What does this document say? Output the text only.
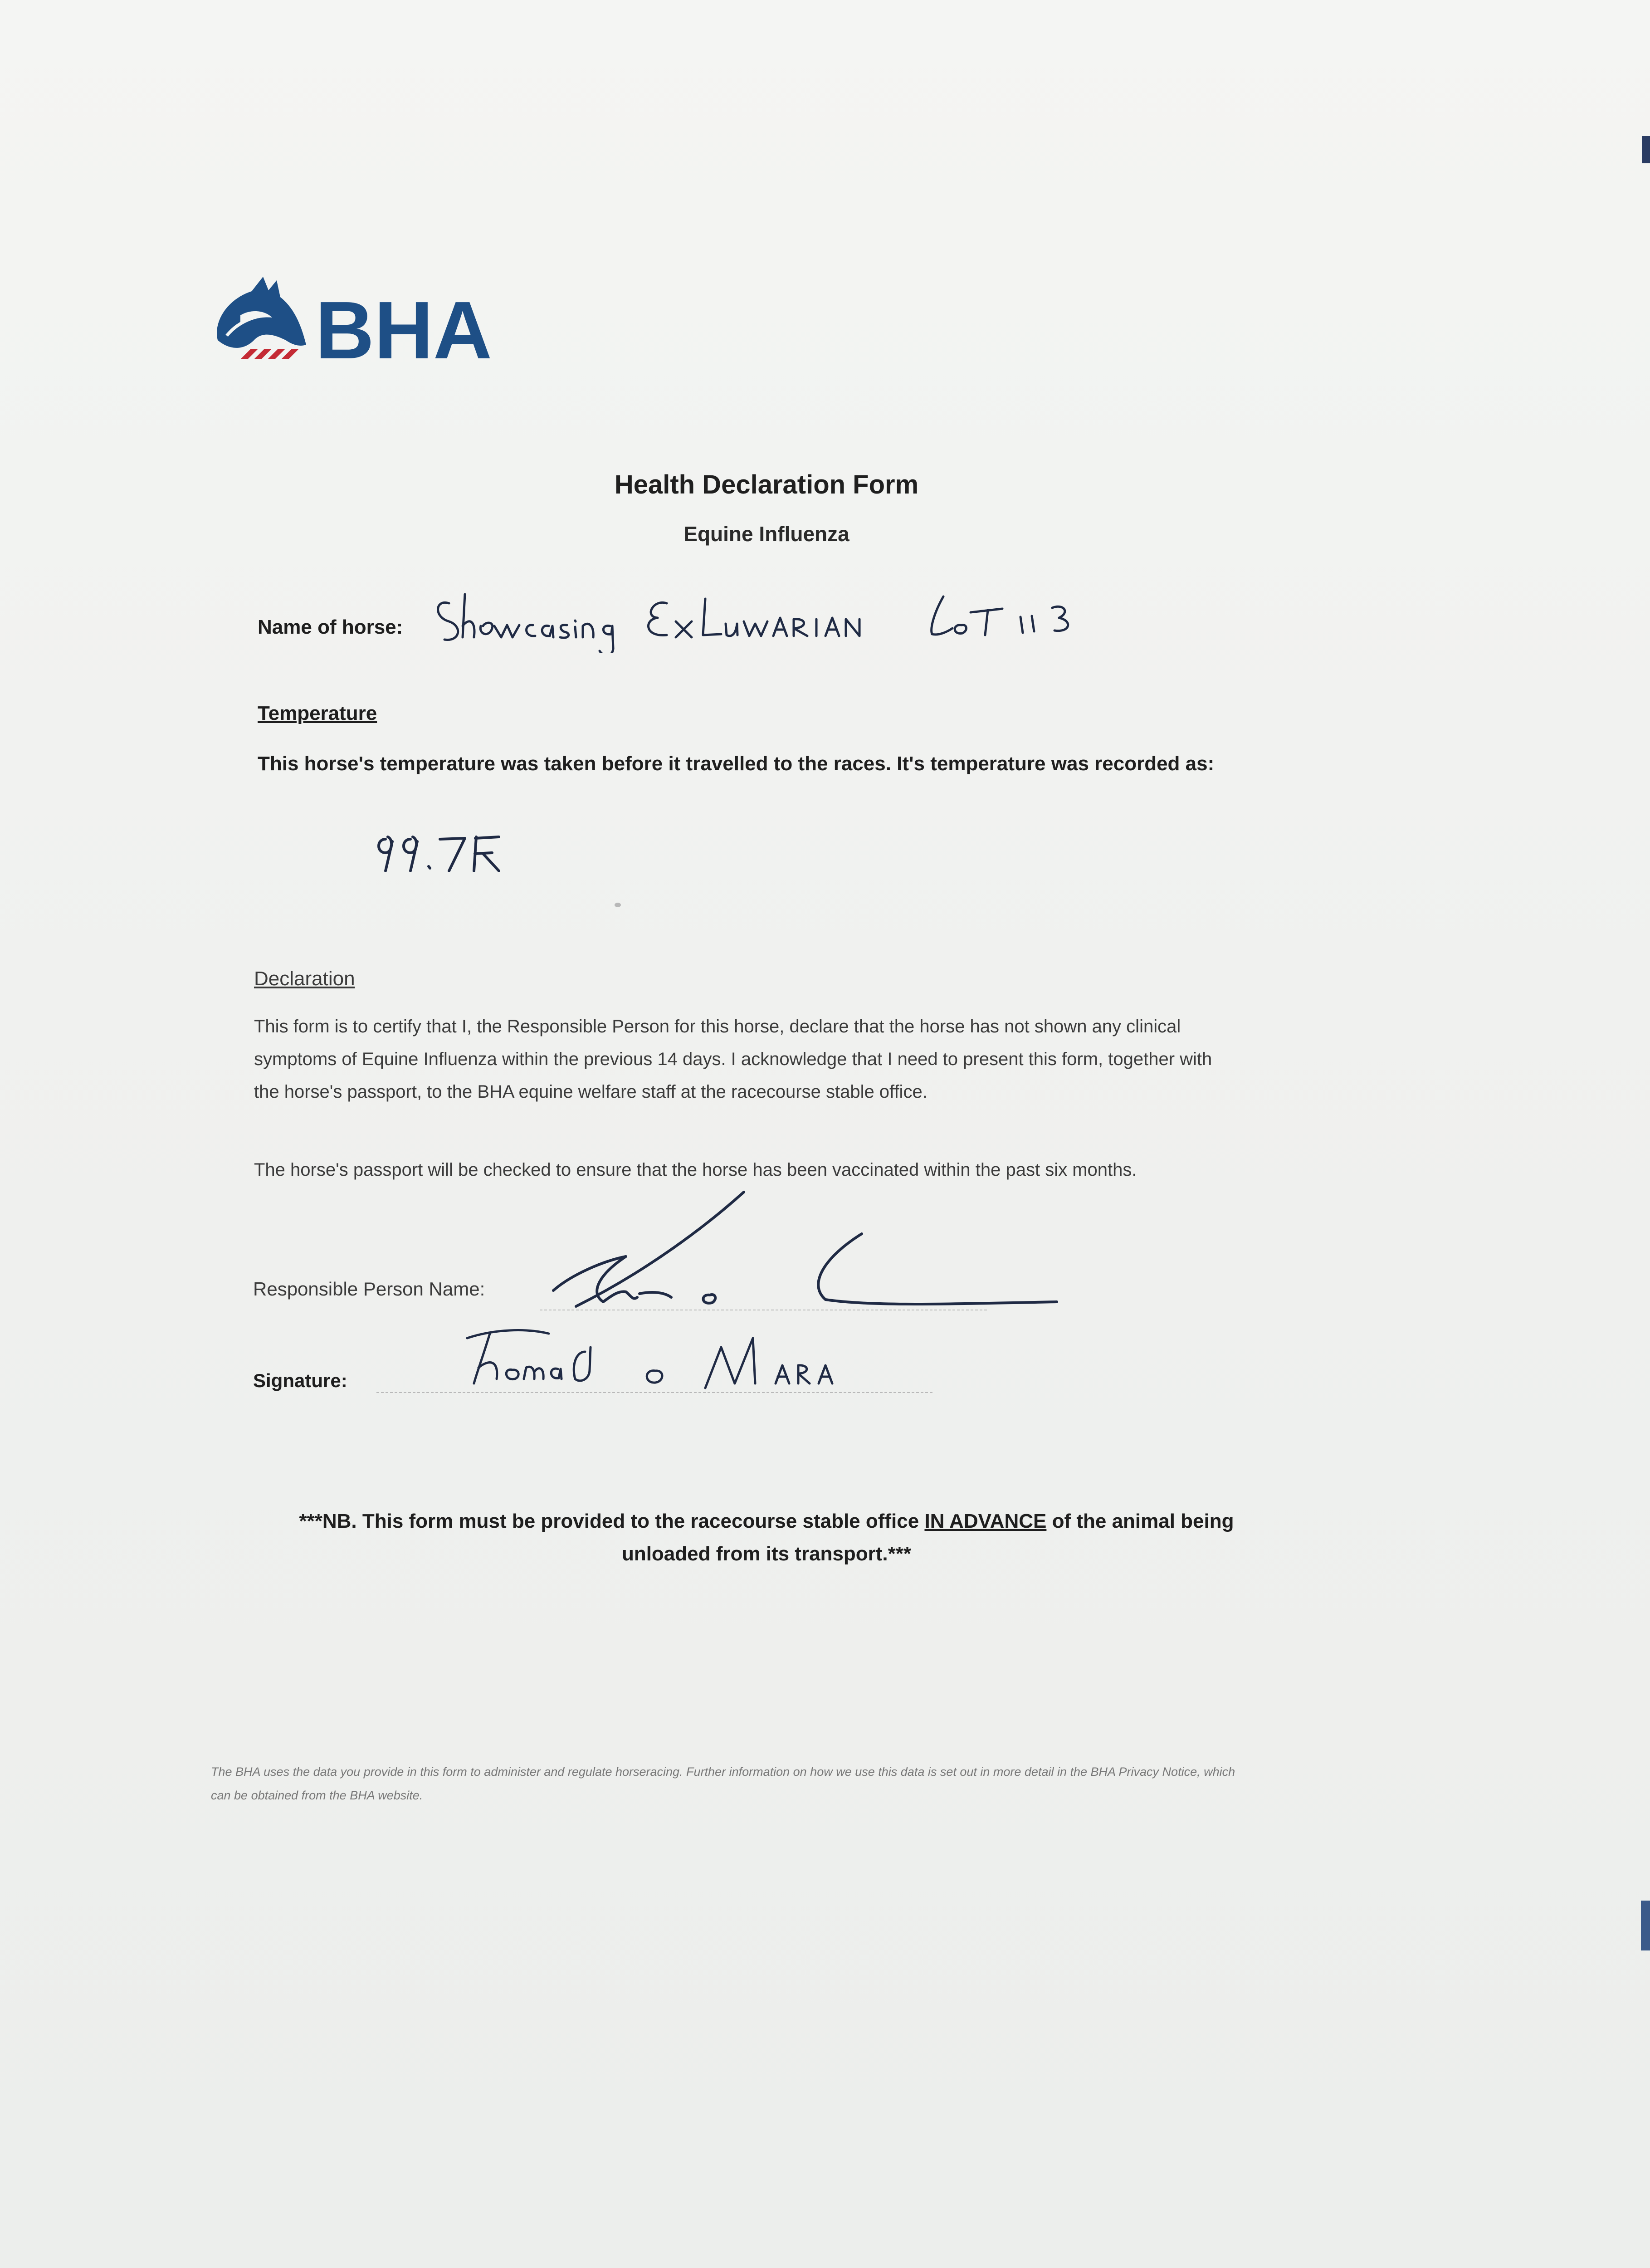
BHA
Health Declaration Form
Equine Influenza
Name of horse:
Temperature
This horse's temperature was taken before it travelled to the races. It's temperature was recorded as:
Declaration
This form is to certify that I, the Responsible Person for this horse, declare that the horse has not shown any clinical symptoms of Equine Influenza within the previous 14 days. I acknowledge that I need to present this form, together with the horse's passport, to the BHA equine welfare staff at the racecourse stable office.
The horse's passport will be checked to ensure that the horse has been vaccinated within the past six months.
Responsible Person Name:
Signature:
***NB. This form must be provided to the racecourse stable office IN ADVANCE of the animal being unloaded from its transport.***
The BHA uses the data you provide in this form to administer and regulate horseracing. Further information on how we use this data is set out in more detail in the BHA Privacy Notice, which can be obtained from the BHA website.
